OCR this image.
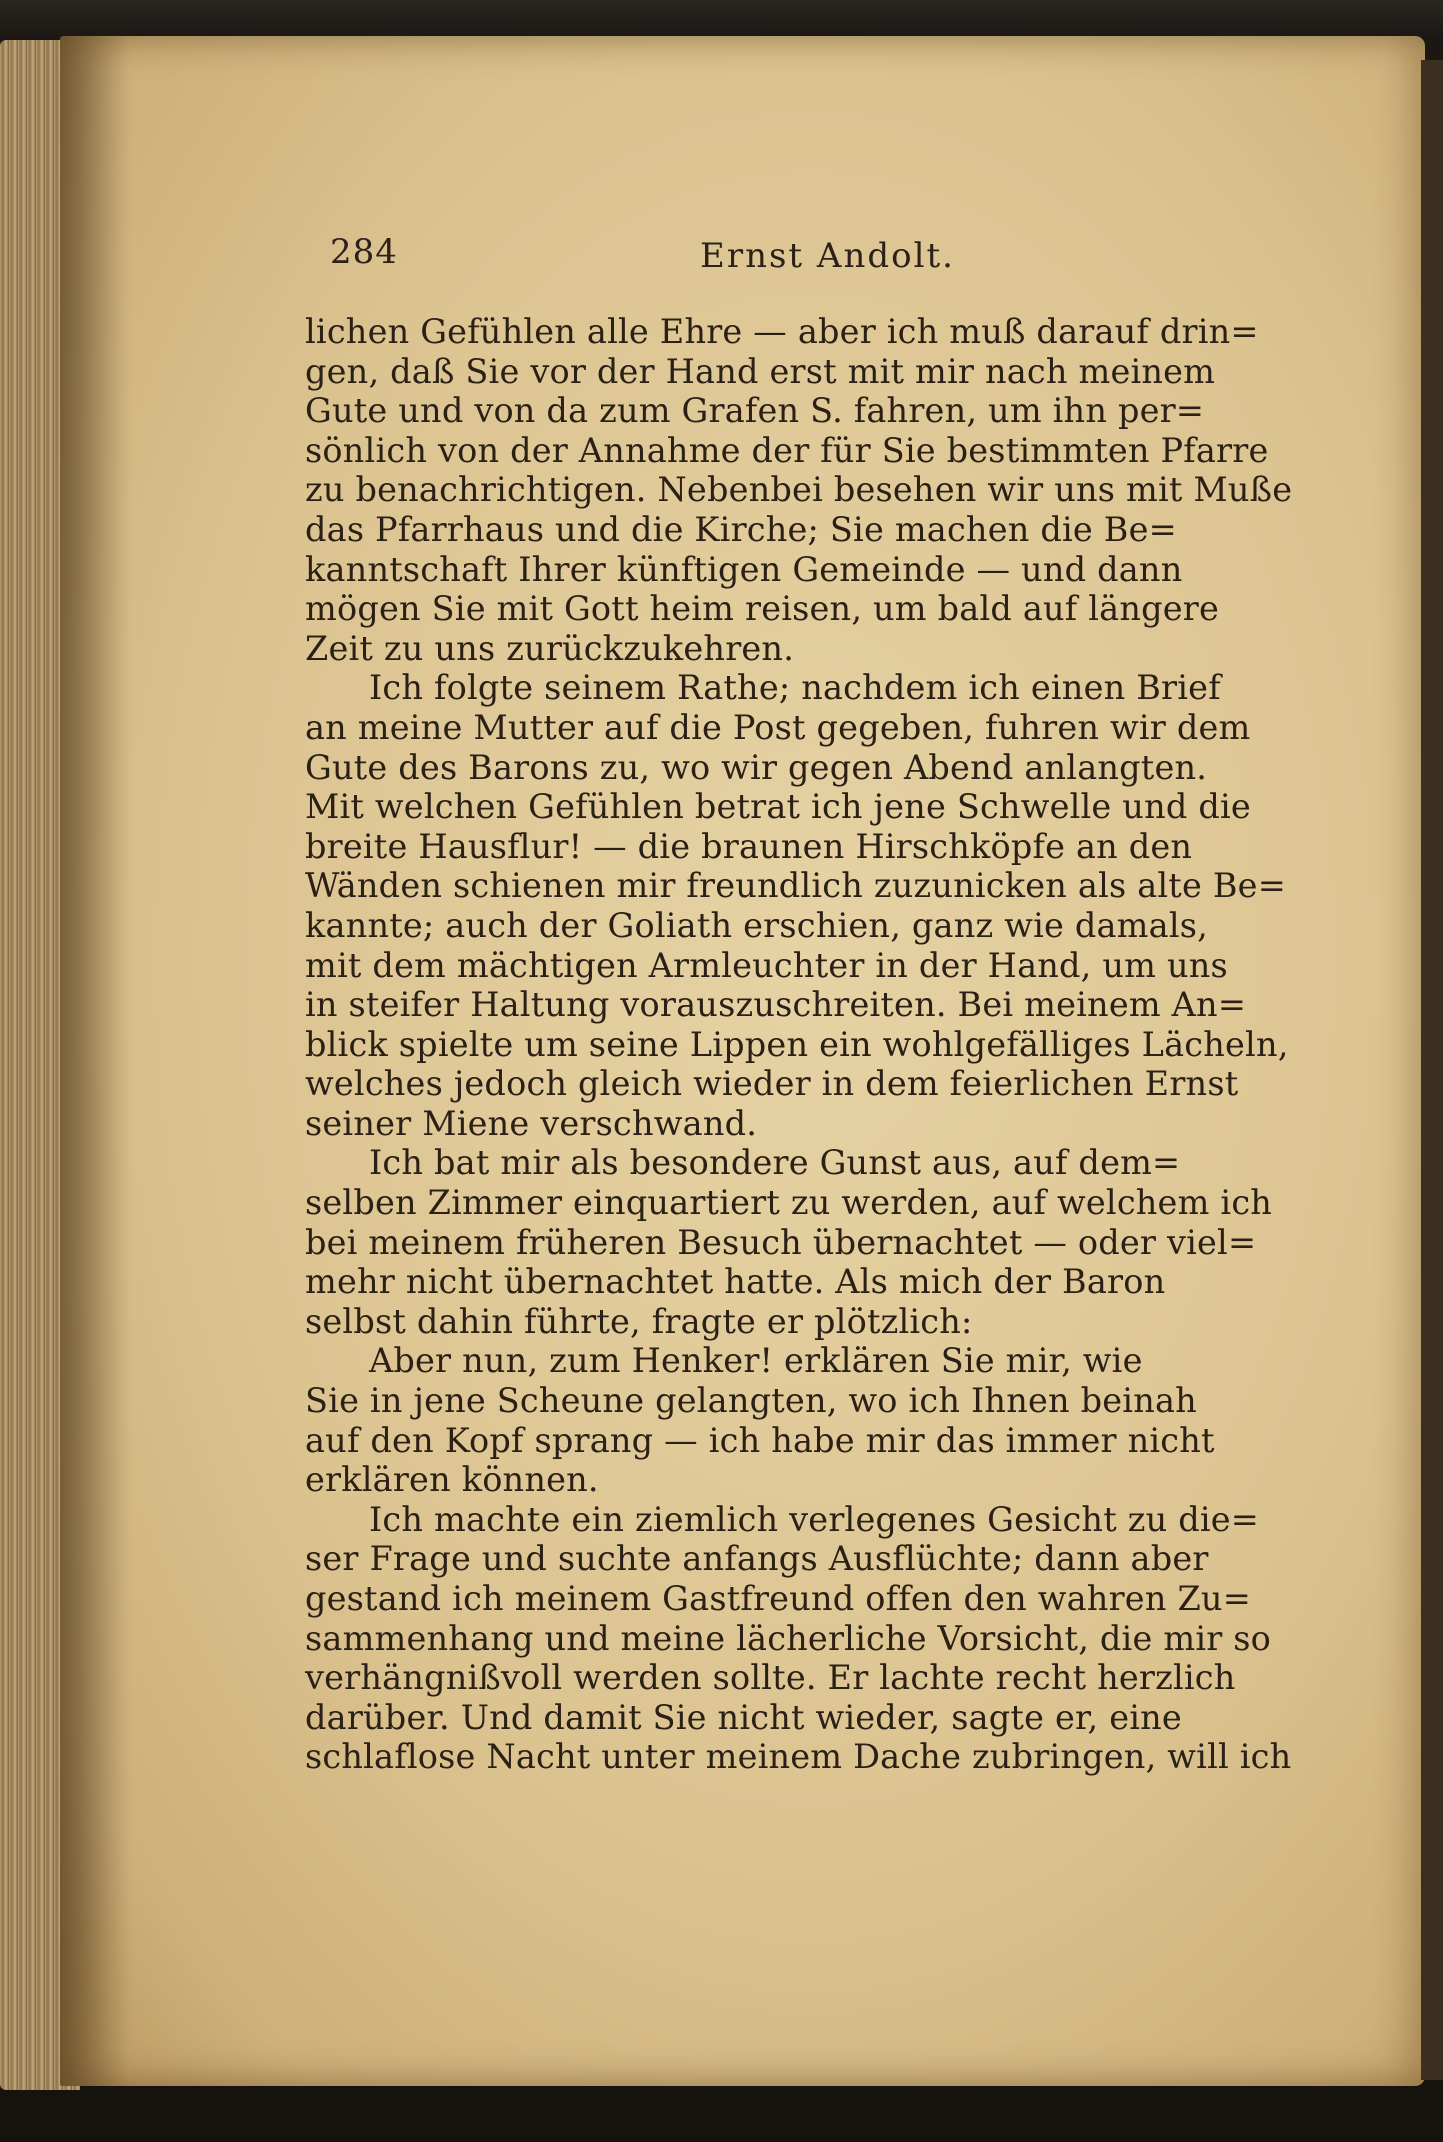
284	Ernst Andolt.
lichen Gefühlen alle Ehre — aber ich muß darauf drin=
gen, daß Sie vor der Hand erst mit mir nach meinem
Gute und von da zum Grafen S. fahren, um ihn per=
sönlich von der Annahme der für Sie bestimmten Pfarre
zu benachrichtigen. Nebenbei besehen wir uns mit Muße
das Pfarrhaus und die Kirche; Sie machen die Be=
kanntschaft Ihrer künftigen Gemeinde — und dann
mögen Sie mit Gott heim reisen, um bald auf längere
Zeit zu uns zurückzukehren.
Ich folgte seinem Rathe; nachdem ich einen Brief
an meine Mutter auf die Post gegeben, fuhren wir dem
Gute des Barons zu, wo wir gegen Abend anlangten.
Mit welchen Gefühlen betrat ich jene Schwelle und die
breite Hausflur! — die braunen Hirschköpfe an den
Wänden schienen mir freundlich zuzunicken als alte Be=
kannte; auch der Goliath erschien, ganz wie damals,
mit dem mächtigen Armleuchter in der Hand, um uns
in steifer Haltung vorauszuschreiten. Bei meinem An=
blick spielte um seine Lippen ein wohlgefälliges Lächeln,
welches jedoch gleich wieder in dem feierlichen Ernst
seiner Miene verschwand.
Ich bat mir als besondere Gunst aus, auf dem=
selben Zimmer einquartiert zu werden, auf welchem ich
bei meinem früheren Besuch übernachtet — oder viel=
mehr nicht übernachtet hatte. Als mich der Baron
selbst dahin führte, fragte er plötzlich:
Aber nun, zum Henker! erklären Sie mir, wie
Sie in jene Scheune gelangten, wo ich Ihnen beinah
auf den Kopf sprang — ich habe mir das immer nicht
erklären können.
Ich machte ein ziemlich verlegenes Gesicht zu die=
ser Frage und suchte anfangs Ausflüchte; dann aber
gestand ich meinem Gastfreund offen den wahren Zu=
sammenhang und meine lächerliche Vorsicht, die mir so
verhängnißvoll werden sollte. Er lachte recht herzlich
darüber. Und damit Sie nicht wieder, sagte er, eine
schlaflose Nacht unter meinem Dache zubringen, will ich
